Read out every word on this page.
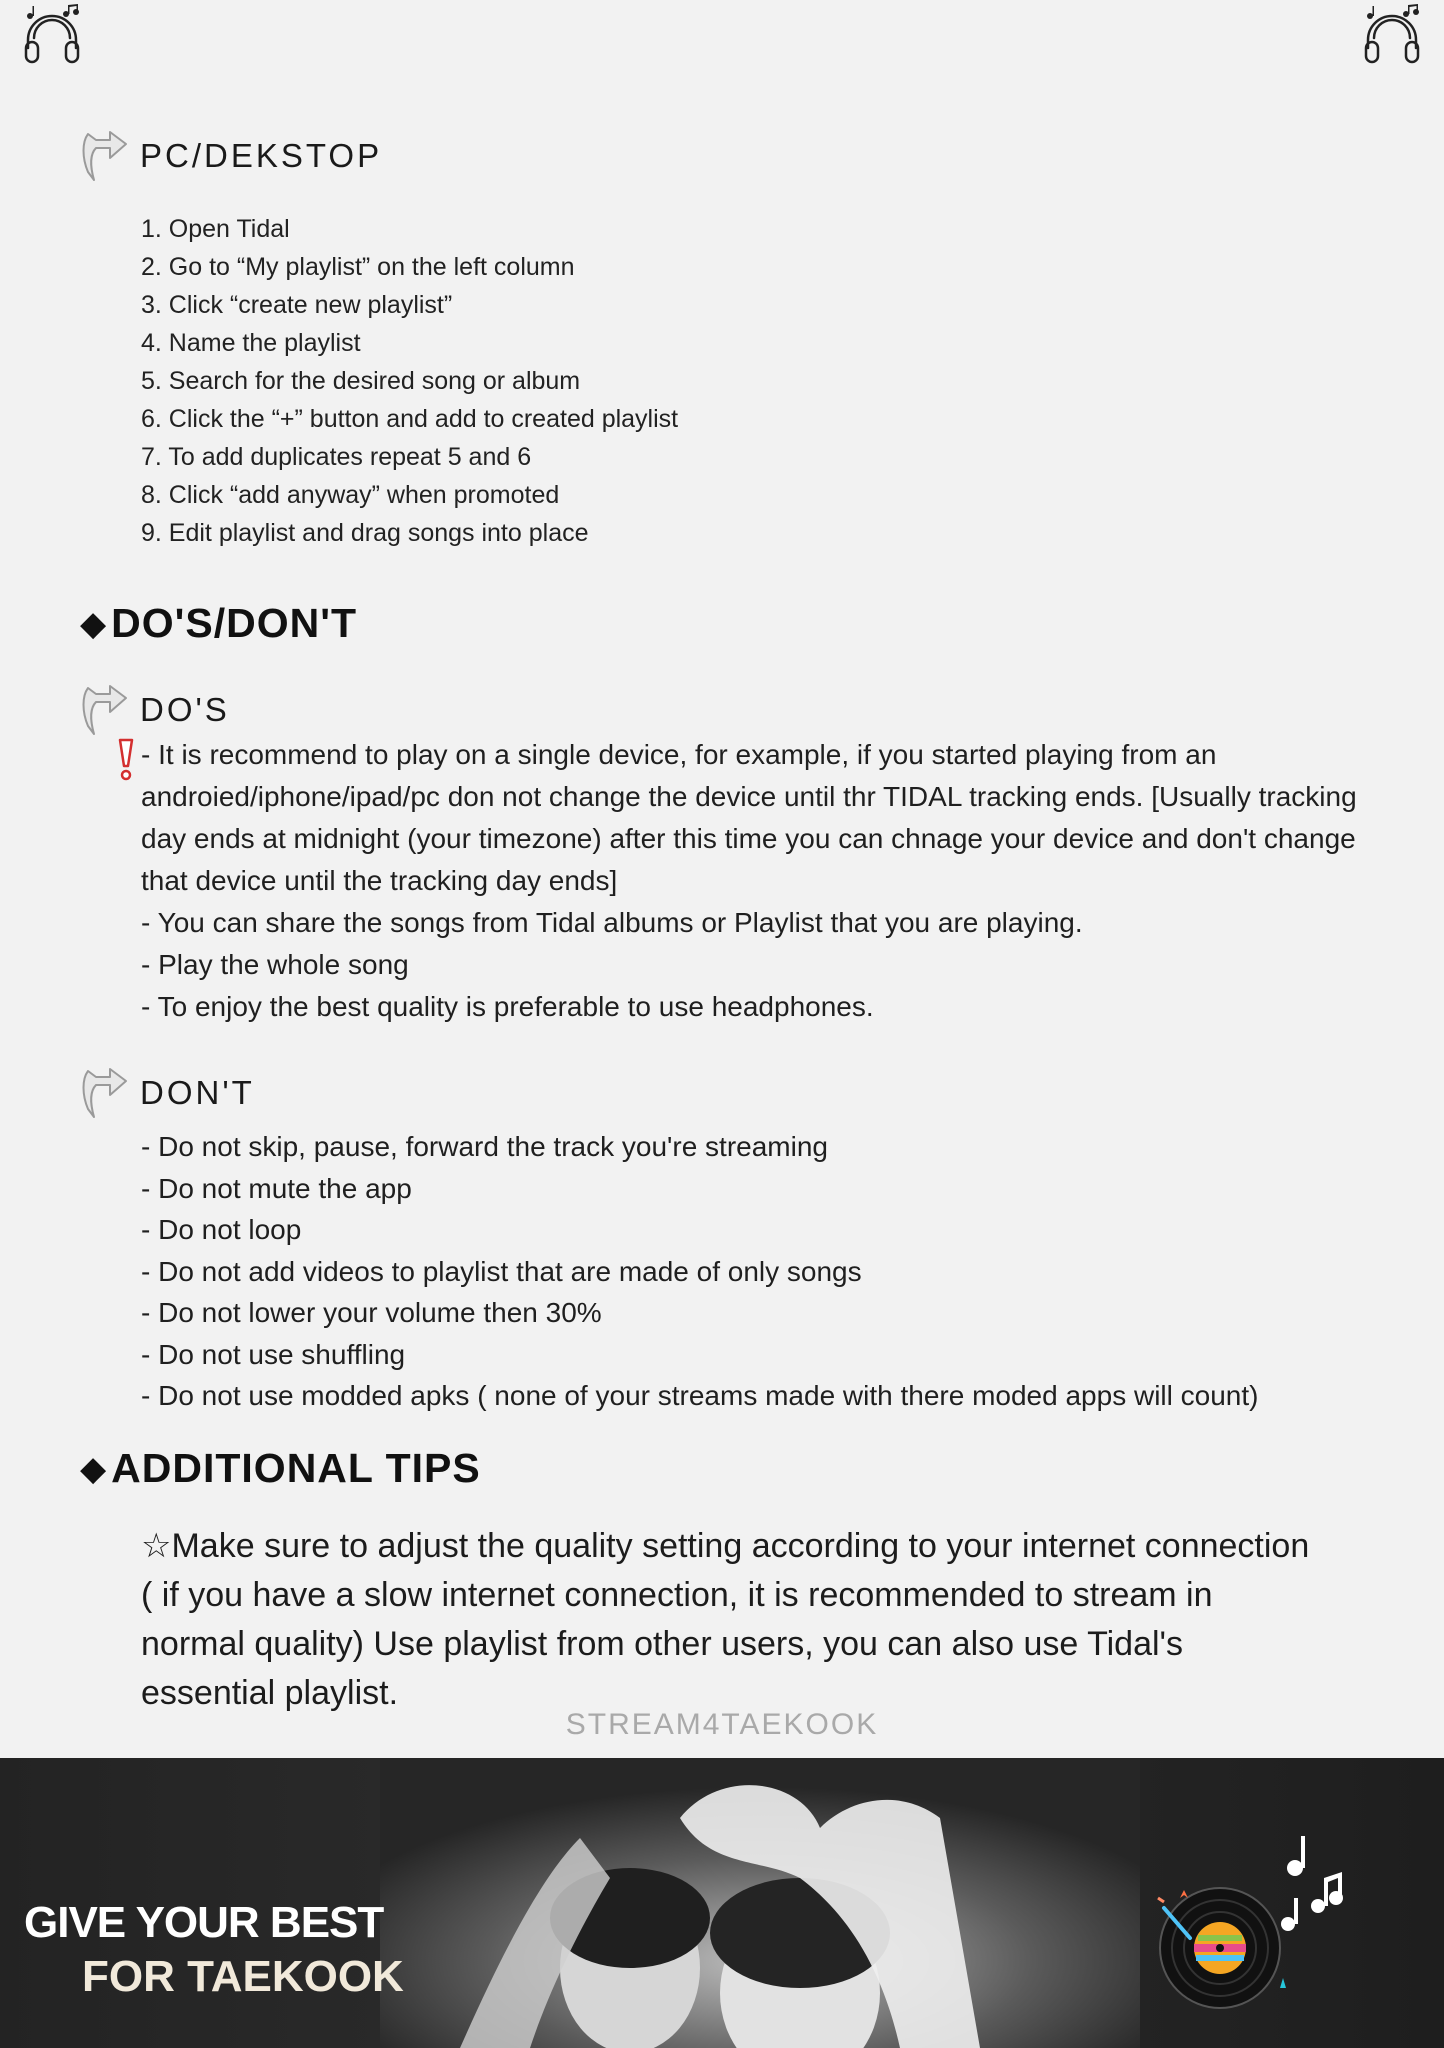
PC/DEKSTOP
1. Open Tidal
2. Go to “My playlist” on the left column
3. Click “create new playlist”
4. Name the playlist
5. Search for the desired song or album
6. Click the “+” button and add to created playlist
7. To add duplicates repeat 5 and 6
8. Click “add anyway” when promoted
9. Edit playlist and drag songs into place
◆ DO'S/DON'T
DO'S

- It is recommend to play on a single device, for example, if you started playing from an androied/iphone/ipad/pc don not change the device until thr TIDAL tracking ends. [Usually tracking day ends at midnight (your timezone) after this time you can chnage your device and don't change that device until the tracking day ends]

- You can share the songs from Tidal albums or Playlist that you are playing.

- Play the whole song

- To enjoy the best quality is preferable to use headphones.

DON'T

- Do not skip, pause, forward the track you're streaming

- Do not mute the app

- Do not loop

- Do not add videos to playlist that are made of only songs

- Do not lower your volume then 30%

- Do not use shuffling

- Do not use modded apks ( none of your streams made with there moded apps will count)

◆ ADDITIONAL TIPS
☆Make sure to adjust the quality setting according to your internet connection ( if you have a slow internet connection, it is recommended to stream in normal quality) Use playlist from other users, you can also use Tidal's essential playlist.
STREAM4TAEKOOK
GIVE YOUR BEST
FOR TAEKOOK
